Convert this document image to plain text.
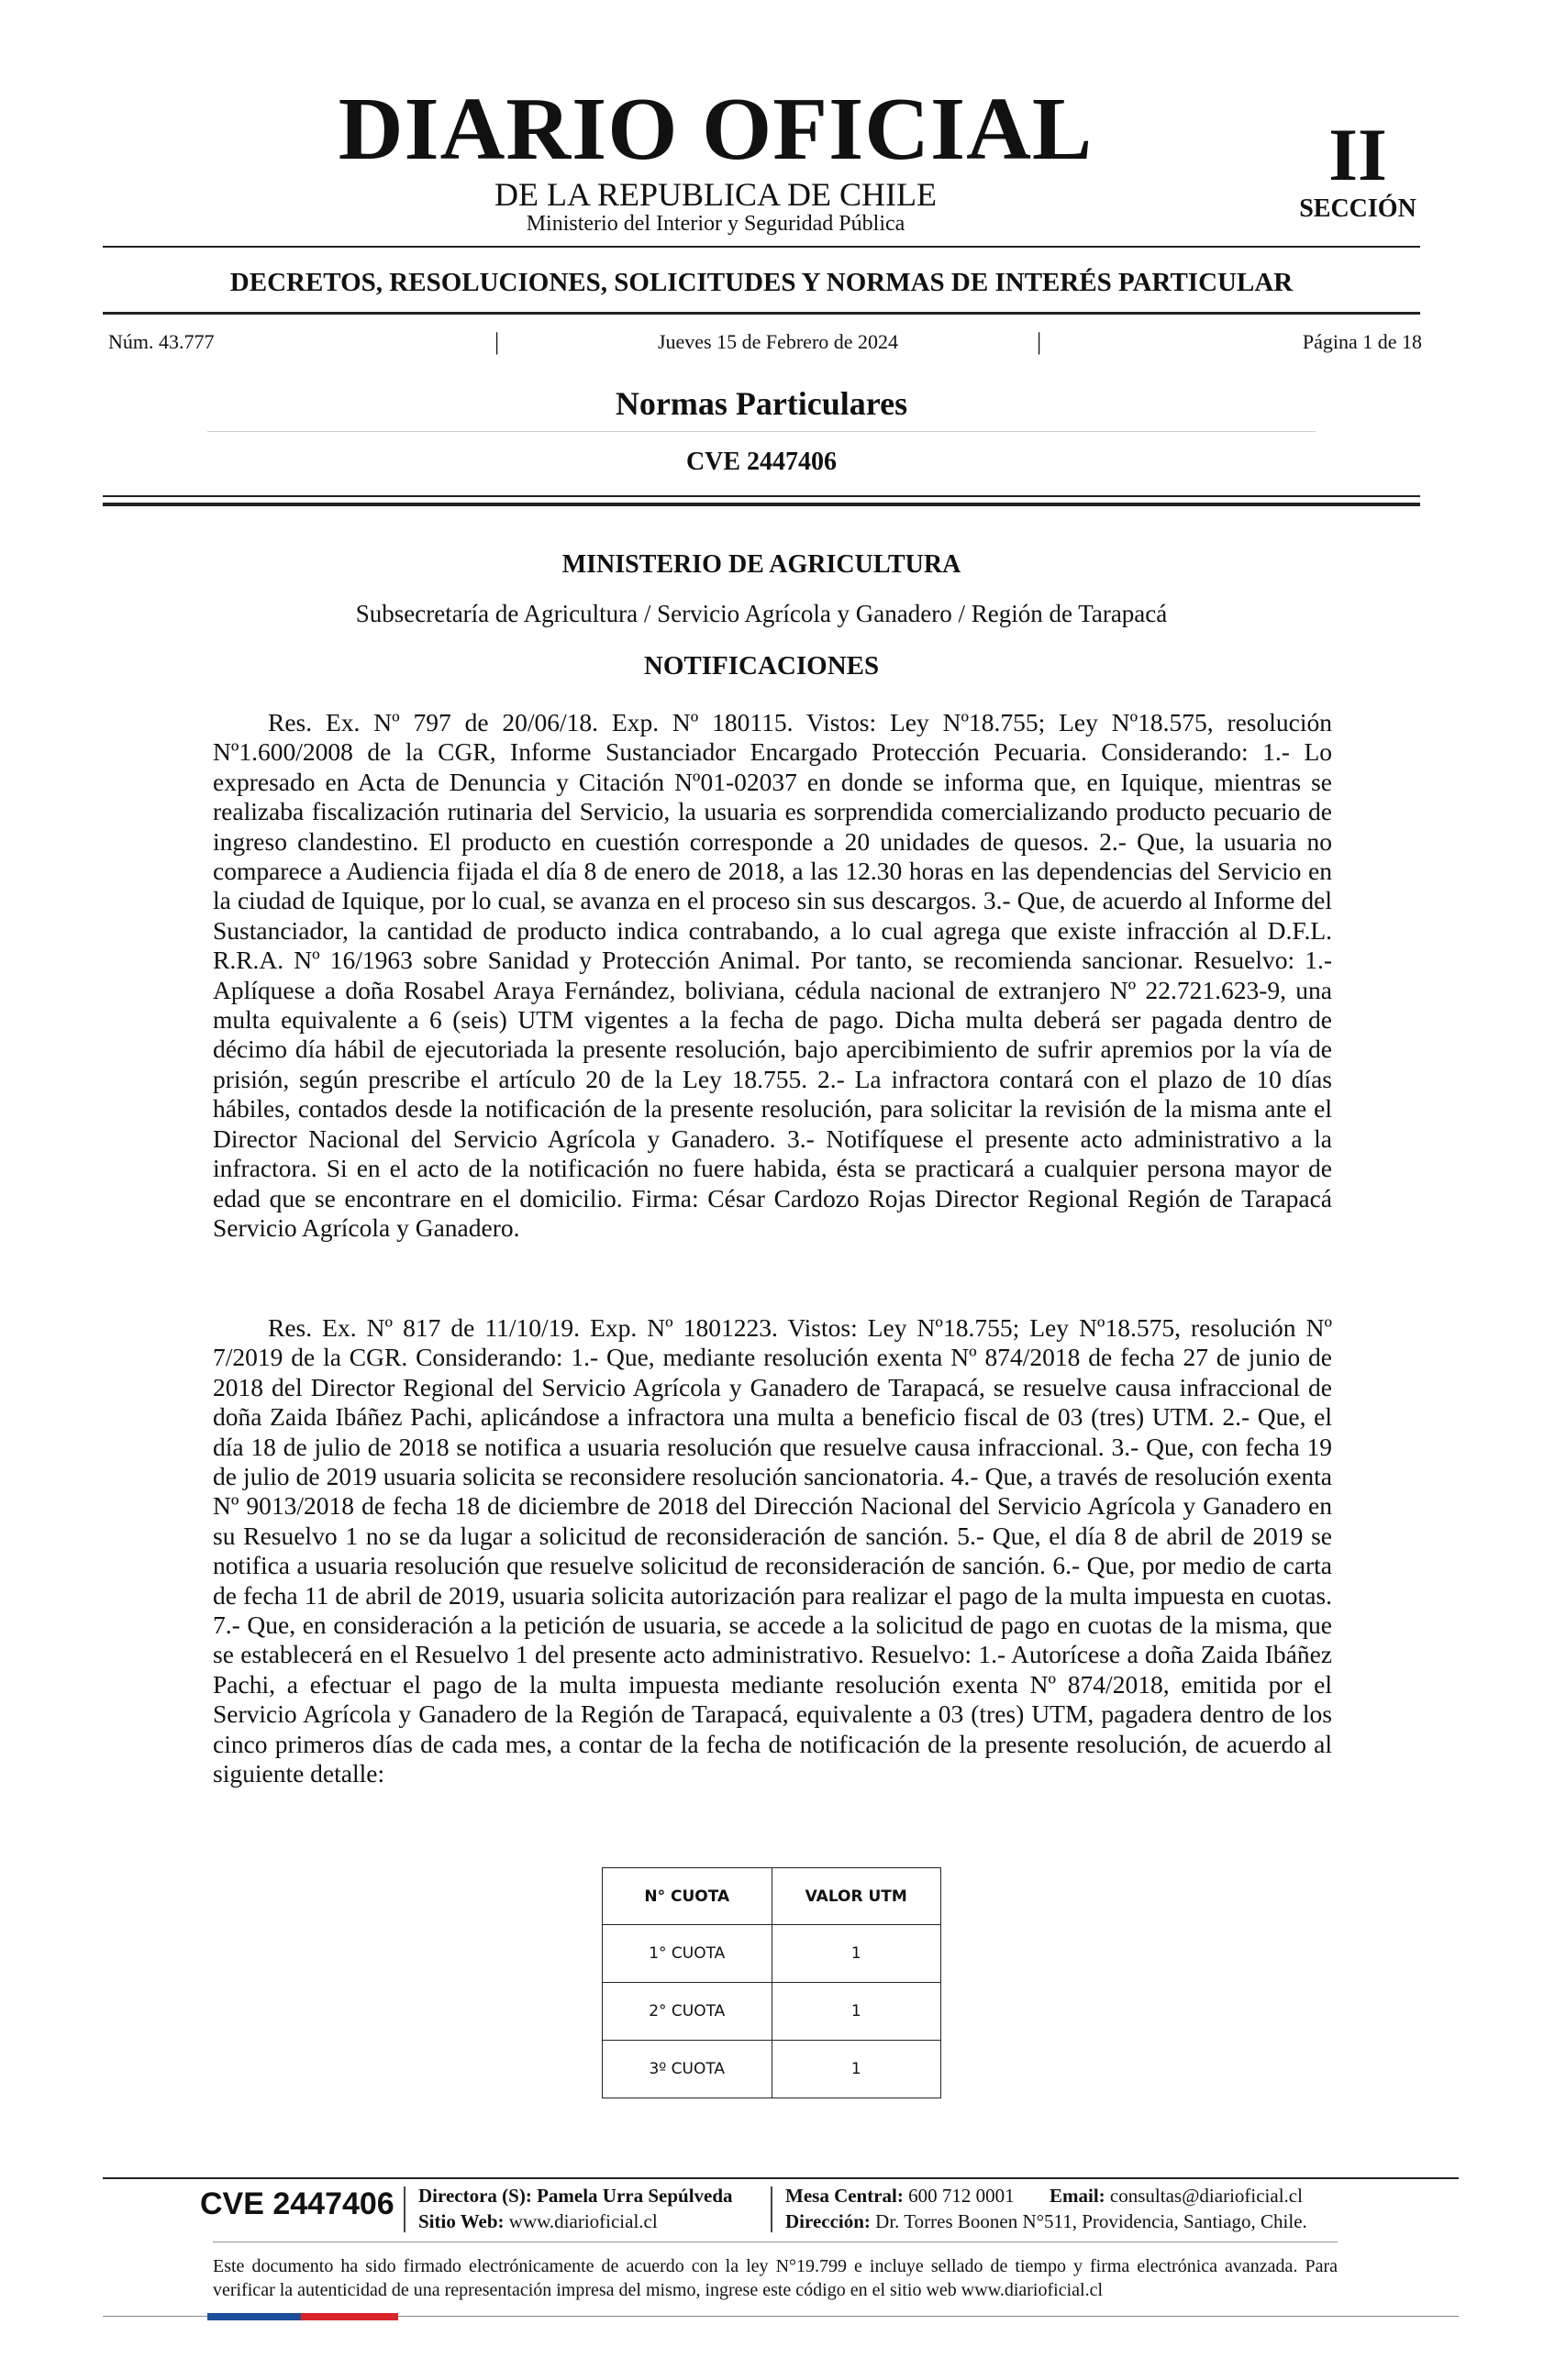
DIARIO OFICIAL
DE LA REPUBLICA DE CHILE
Ministerio del Interior y Seguridad Pública
II
SECCIÓN
DECRETOS, RESOLUCIONES, SOLICITUDES Y NORMAS DE INTERÉS PARTICULAR
Núm. 43.777	|	Jueves 15 de Febrero de 2024	|	Página 1 de 18
Normas Particulares
CVE 2447406
MINISTERIO DE AGRICULTURA
Subsecretaría de Agricultura / Servicio Agrícola y Ganadero / Región de Tarapacá
NOTIFICACIONES
Res. Ex. Nº 797 de 20/06/18. Exp. Nº 180115. Vistos: Ley Nº18.755; Ley Nº18.575, resolución Nº1.600/2008 de la CGR, Informe Sustanciador Encargado Protección Pecuaria. Considerando: 1.- Lo expresado en Acta de Denuncia y Citación Nº01-02037 en donde se informa que, en Iquique, mientras se realizaba fiscalización rutinaria del Servicio, la usuaria es sorprendida comercializando producto pecuario de ingreso clandestino. El producto en cuestión corresponde a 20 unidades de quesos. 2.- Que, la usuaria no comparece a Audiencia fijada el día 8 de enero de 2018, a las 12.30 horas en las dependencias del Servicio en la ciudad de Iquique, por lo cual, se avanza en el proceso sin sus descargos. 3.- Que, de acuerdo al Informe del Sustanciador, la cantidad de producto indica contrabando, a lo cual agrega que existe infracción al D.F.L. R.R.A. Nº 16/1963 sobre Sanidad y Protección Animal. Por tanto, se recomienda sancionar. Resuelvo: 1.- Aplíquese a doña Rosabel Araya Fernández, boliviana, cédula nacional de extranjero Nº 22.721.623-9, una multa equivalente a 6 (seis) UTM vigentes a la fecha de pago. Dicha multa deberá ser pagada dentro de décimo día hábil de ejecutoriada la presente resolución, bajo apercibimiento de sufrir apremios por la vía de prisión, según prescribe el artículo 20 de la Ley 18.755. 2.- La infractora contará con el plazo de 10 días hábiles, contados desde la notificación de la presente resolución, para solicitar la revisión de la misma ante el Director Nacional del Servicio Agrícola y Ganadero. 3.- Notifíquese el presente acto administrativo a la infractora. Si en el acto de la notificación no fuere habida, ésta se practicará a cualquier persona mayor de edad que se encontrare en el domicilio. Firma: César Cardozo Rojas Director Regional Región de Tarapacá Servicio Agrícola y Ganadero.
Res. Ex. Nº 817 de 11/10/19. Exp. Nº 1801223. Vistos: Ley Nº18.755; Ley Nº18.575, resolución Nº 7/2019 de la CGR. Considerando: 1.- Que, mediante resolución exenta Nº 874/2018 de fecha 27 de junio de 2018 del Director Regional del Servicio Agrícola y Ganadero de Tarapacá, se resuelve causa infraccional de doña Zaida Ibáñez Pachi, aplicándose a infractora una multa a beneficio fiscal de 03 (tres) UTM. 2.- Que, el día 18 de julio de 2018 se notifica a usuaria resolución que resuelve causa infraccional. 3.- Que, con fecha 19 de julio de 2019 usuaria solicita se reconsidere resolución sancionatoria. 4.- Que, a través de resolución exenta Nº 9013/2018 de fecha 18 de diciembre de 2018 del Dirección Nacional del Servicio Agrícola y Ganadero en su Resuelvo 1 no se da lugar a solicitud de reconsideración de sanción. 5.- Que, el día 8 de abril de 2019 se notifica a usuaria resolución que resuelve solicitud de reconsideración de sanción. 6.- Que, por medio de carta de fecha 11 de abril de 2019, usuaria solicita autorización para realizar el pago de la multa impuesta en cuotas. 7.- Que, en consideración a la petición de usuaria, se accede a la solicitud de pago en cuotas de la misma, que se establecerá en el Resuelvo 1 del presente acto administrativo. Resuelvo: 1.- Autorícese a doña Zaida Ibáñez Pachi, a efectuar el pago de la multa impuesta mediante resolución exenta Nº 874/2018, emitida por el Servicio Agrícola y Ganadero de la Región de Tarapacá, equivalente a 03 (tres) UTM, pagadera dentro de los cinco primeros días de cada mes, a contar de la fecha de notificación de la presente resolución, de acuerdo al siguiente detalle:
N° CUOTA	VALOR UTM
1° CUOTA	1
2° CUOTA	1
3º CUOTA	1
CVE 2447406 Directora (S): Pamela Urra Sepúlveda
Sitio Web: www.diarioficial.cl
Mesa Central: 600 712 0001 Email: consultas@diarioficial.cl
Dirección: Dr. Torres Boonen N°511, Providencia, Santiago, Chile.
Este documento ha sido firmado electrónicamente de acuerdo con la ley N°19.799 e incluye sellado de tiempo y firma electrónica avanzada. Para verificar la autenticidad de una representación impresa del mismo, ingrese este código en el sitio web www.diarioficial.cl
